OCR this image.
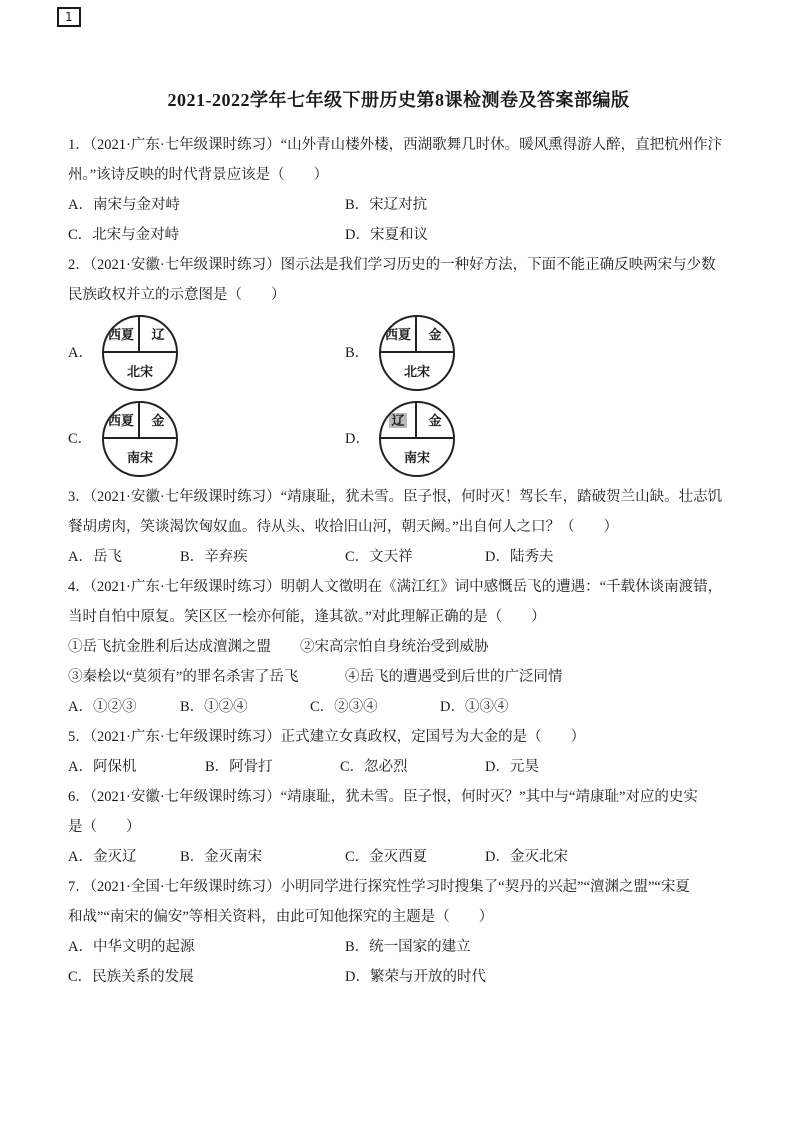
1
2021-2022学年七年级下册历史第8课检测卷及答案部编版

1．（2021·广东·七年级课时练习）“山外青山楼外楼，西湖歌舞几时休。暖风熏得游人醉，直把杭州作汴

州。”该诗反映的时代背景应该是（　　）

A．南宋与金对峙	B．宋辽对抗
C．北宋与金对峙	D．宋夏和议

2．（2021·安徽·七年级课时练习）图示法是我们学习历史的一种好方法，下面不能正确反映两宋与少数

民族政权并立的示意图是（　　）

A．
西夏 辽
北宋
B．
西夏 金
北宋
C．
西夏 金
南宋
D．
辽 金
南宋

3．（2021·安徽·七年级课时练习）“靖康耻，犹未雪。臣子恨，何时灭！驾长车，踏破贺兰山缺。壮志饥

餐胡虏肉，笑谈渴饮匈奴血。待从头、收拾旧山河，朝天阙。”出自何人之口？（　　）

A．岳飞	B．辛弃疾	C．文天祥	D．陆秀夫

4．（2021·广东·七年级课时练习）明朝人文徵明在《满江红》词中感慨岳飞的遭遇：“千载休谈南渡错，

当时自怕中原复。笑区区一桧亦何能，逢其欲。”对此理解正确的是（　　）

①岳飞抗金胜利后达成澶渊之盟	②宋高宗怕自身统治受到威胁
③秦桧以“莫须有”的罪名杀害了岳飞	④岳飞的遭遇受到后世的广泛同情
A．①②③	B．①②④	C．②③④	D．①③④

5．（2021·广东·七年级课时练习）正式建立女真政权，定国号为大金的是（　　）

A．阿保机	B．阿骨打	C．忽必烈	D．元昊

6．（2021·安徽·七年级课时练习）“靖康耻，犹未雪。臣子恨，何时灭？”其中与“靖康耻”对应的史实

是（　　）

A．金灭辽	B．金灭南宋	C．金灭西夏	D．金灭北宋

7．（2021·全国·七年级课时练习）小明同学进行探究性学习时搜集了“契丹的兴起”“澶渊之盟”“宋夏

和战”“南宋的偏安”等相关资料，由此可知他探究的主题是（　　）

A．中华文明的起源	B．统一国家的建立
C．民族关系的发展	D．繁荣与开放的时代
